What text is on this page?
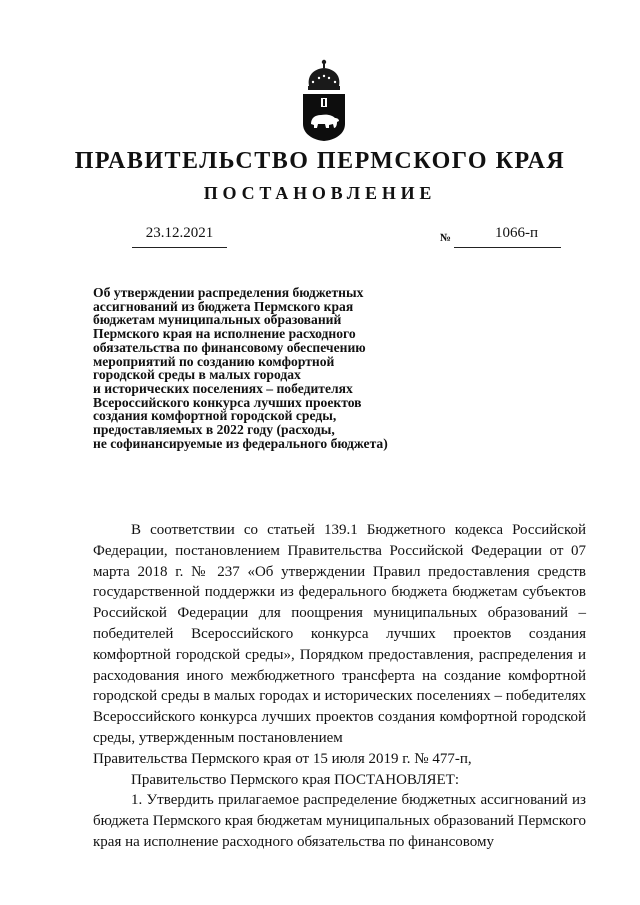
ПРАВИТЕЛЬСТВО ПЕРМСКОГО КРАЯ
ПОСТАНОВЛЕНИЕ
23.12.2021	№	1066-п
Об утверждении распределения бюджетных
ассигнований из бюджета Пермского края
бюджетам муниципальных образований
Пермского края на исполнение расходного
обязательства по финансовому обеспечению
мероприятий по созданию комфортной
городской среды в малых городах
и исторических поселениях – победителях
Всероссийского конкурса лучших проектов
создания комфортной городской среды,
предоставляемых в 2022 году (расходы,
не софинансируемые из федерального бюджета)

В соответствии со статьей 139.1 Бюджетного кодекса Российской Федерации, постановлением Правительства Российской Федерации от 07 марта 2018 г. № 237 «Об утверждении Правил предоставления средств государственной поддержки из федерального бюджета бюджетам субъектов Российской Федерации для поощрения муниципальных образований – победителей Всероссийского конкурса лучших проектов создания комфортной городской среды», Порядком предоставления, распределения и расходования иного межбюджетного трансферта на создание комфортной городской среды в малых городах и исторических поселениях – победителях Всероссийского конкурса лучших проектов создания комфортной городской среды, утвержденным постановлением

Правительства Пермского края от 15 июля 2019 г. № 477-п,

Правительство Пермского края ПОСТАНОВЛЯЕТ:

1. Утвердить прилагаемое распределение бюджетных ассигнований из бюджета Пермского края бюджетам муниципальных образований Пермского края на исполнение расходного обязательства по финансовому
